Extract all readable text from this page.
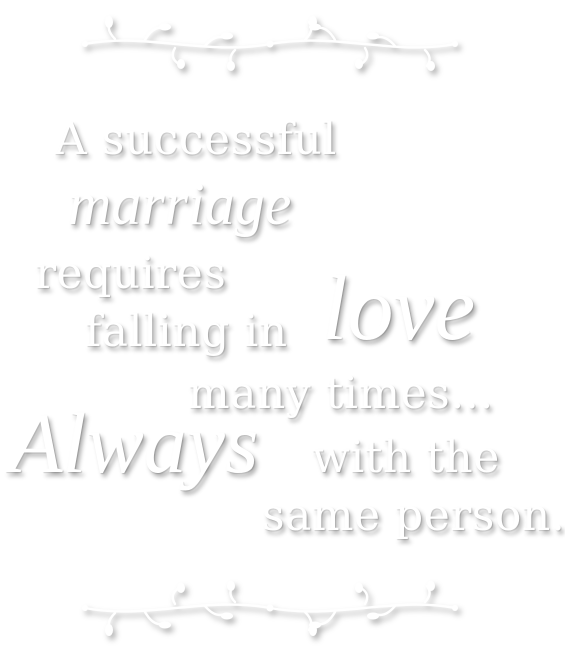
A successful
marriage
requires
falling in love
many times...
Always with the
same person.
